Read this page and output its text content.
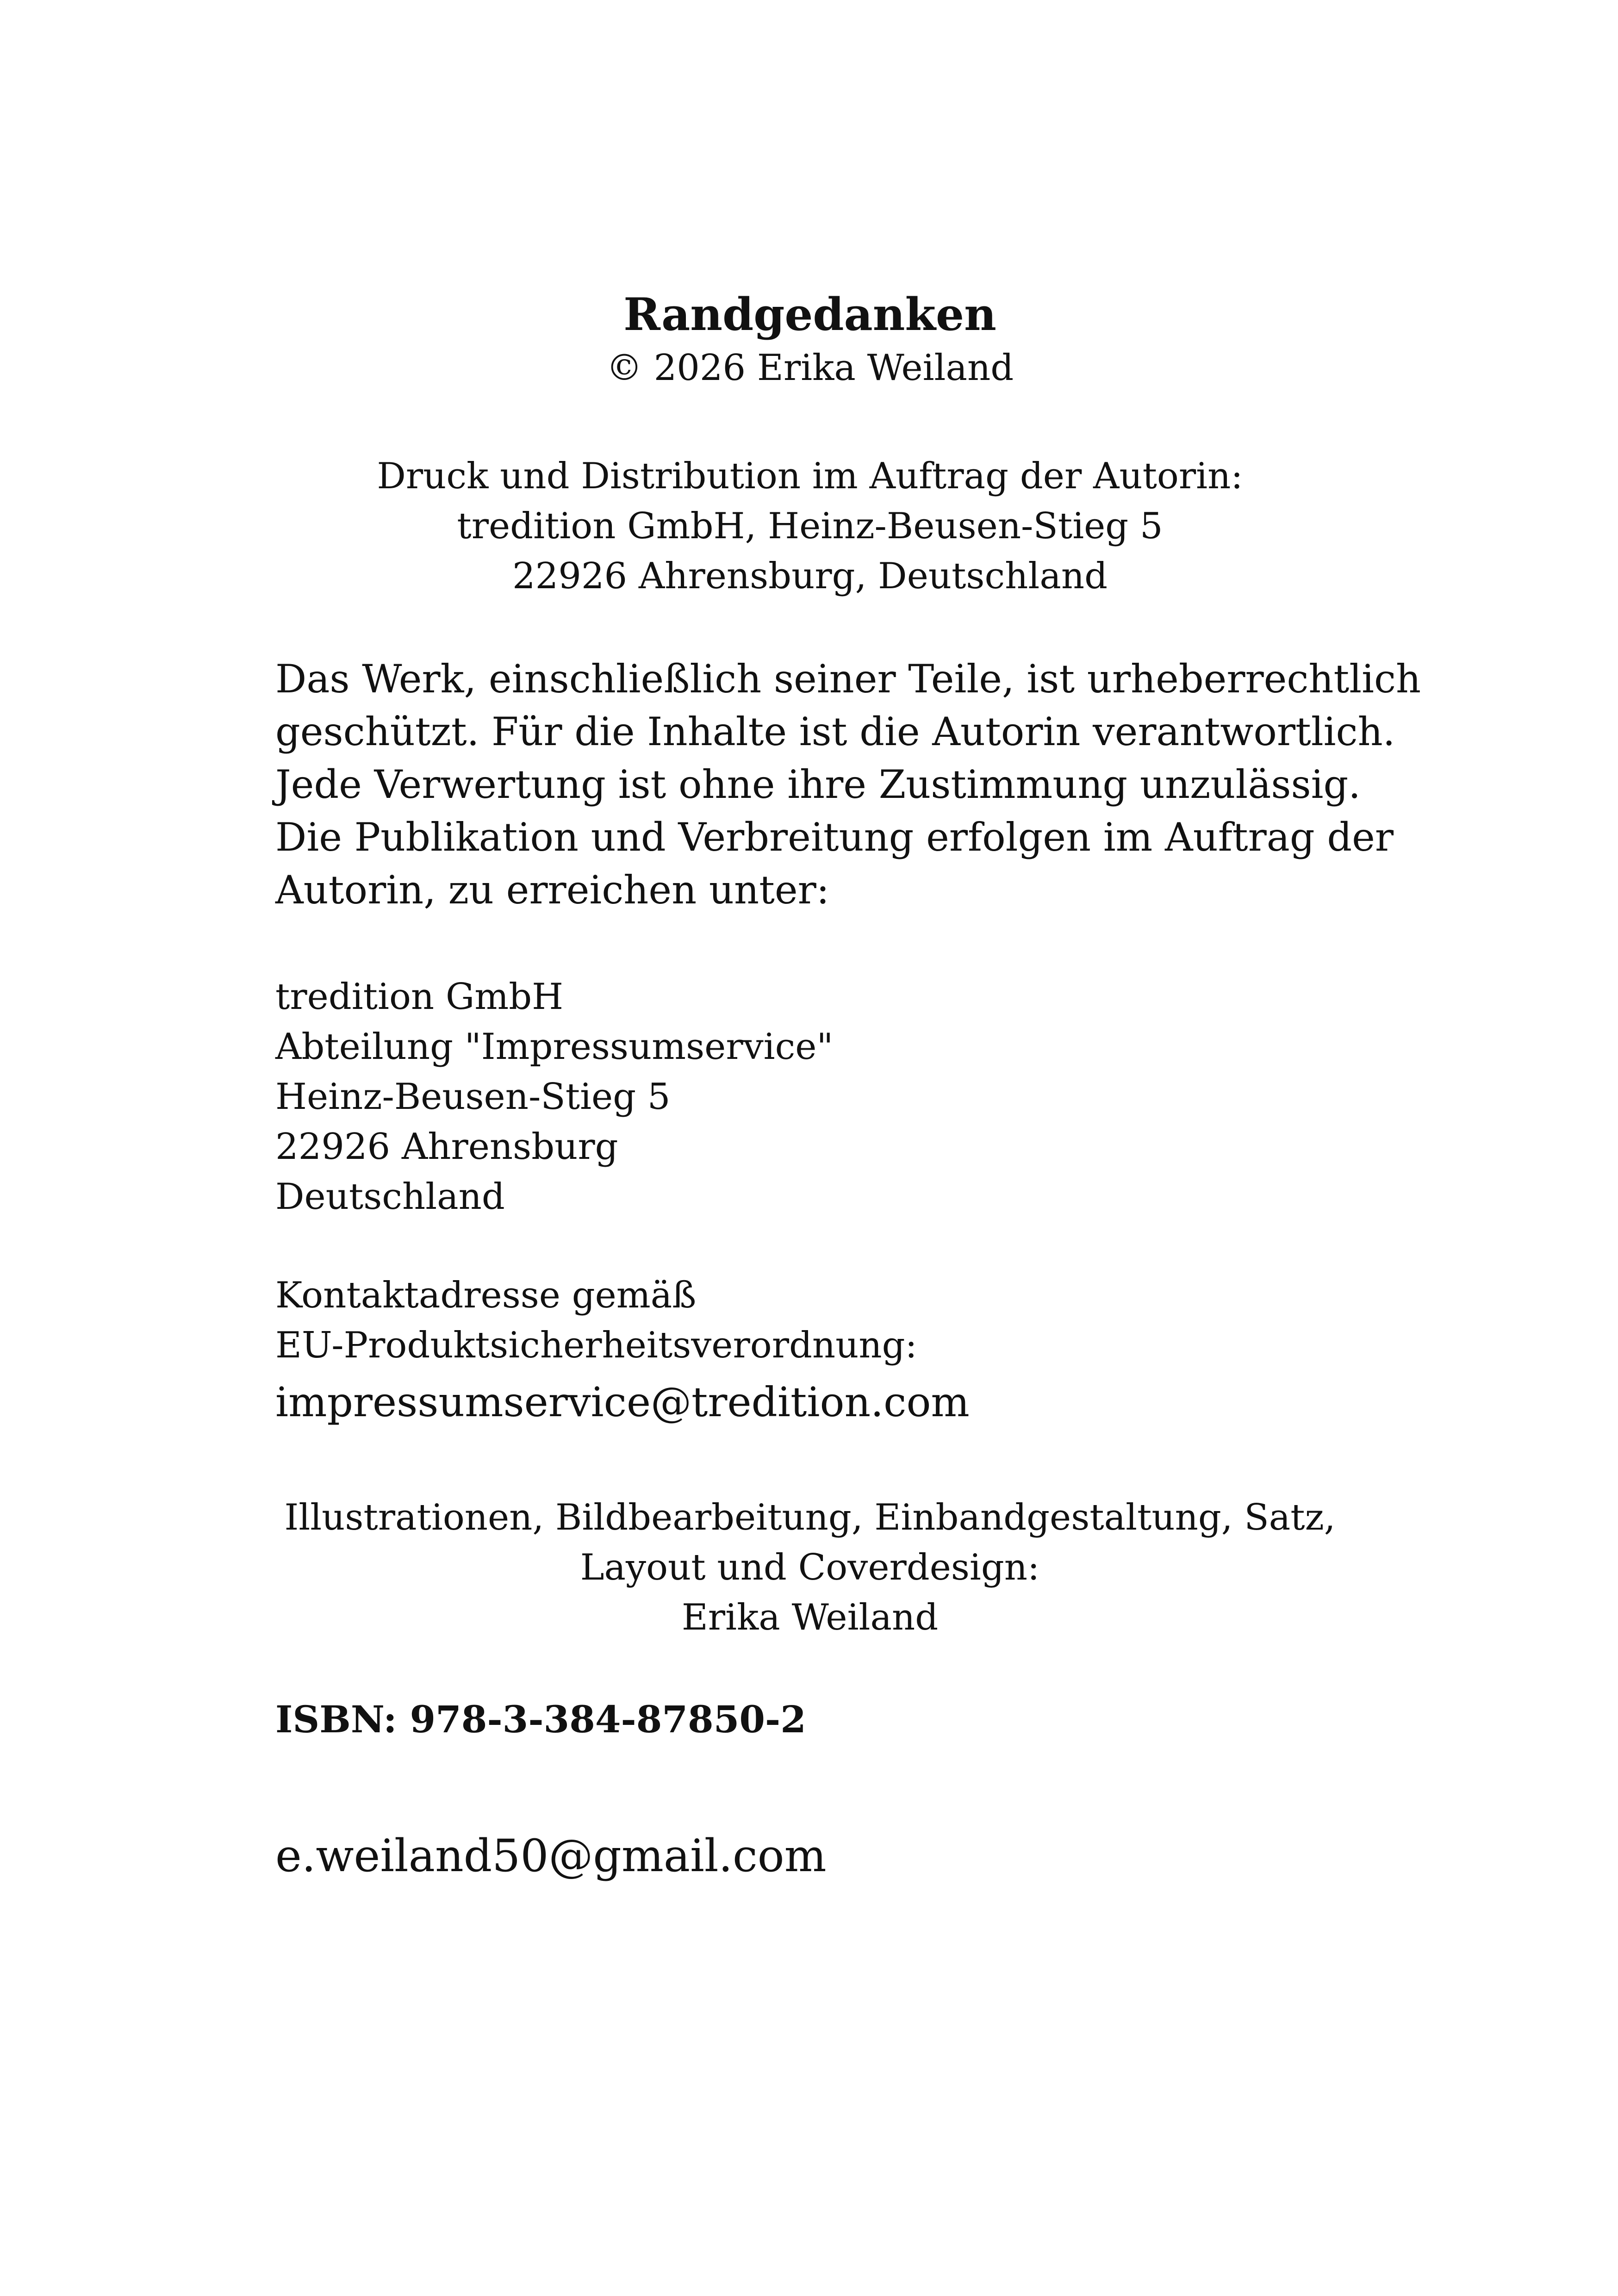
Randgedanken

© 2026 Erika Weiland

Druck und Distribution im Auftrag der Autorin:
tredition GmbH, Heinz-Beusen-Stieg 5
22926 Ahrensburg, Deutschland
Das Werk, einschließlich seiner Teile, ist urheberrechtlich
geschützt. Für die Inhalte ist die Autorin verantwortlich.
Jede Verwertung ist ohne ihre Zustimmung unzulässig.
Die Publikation und Verbreitung erfolgen im Auftrag der
Autorin, zu erreichen unter:
tredition GmbH
Abteilung "Impressumservice"
Heinz-Beusen-Stieg 5
22926 Ahrensburg
Deutschland
Kontaktadresse gemäß
EU-Produktsicherheitsverordnung:

impressumservice@tredition.com

Illustrationen, Bildbearbeitung, Einbandgestaltung, Satz,
Layout und Coverdesign:
Erika Weiland

ISBN: 978-3-384-87850-2

e.weiland50@gmail.com
